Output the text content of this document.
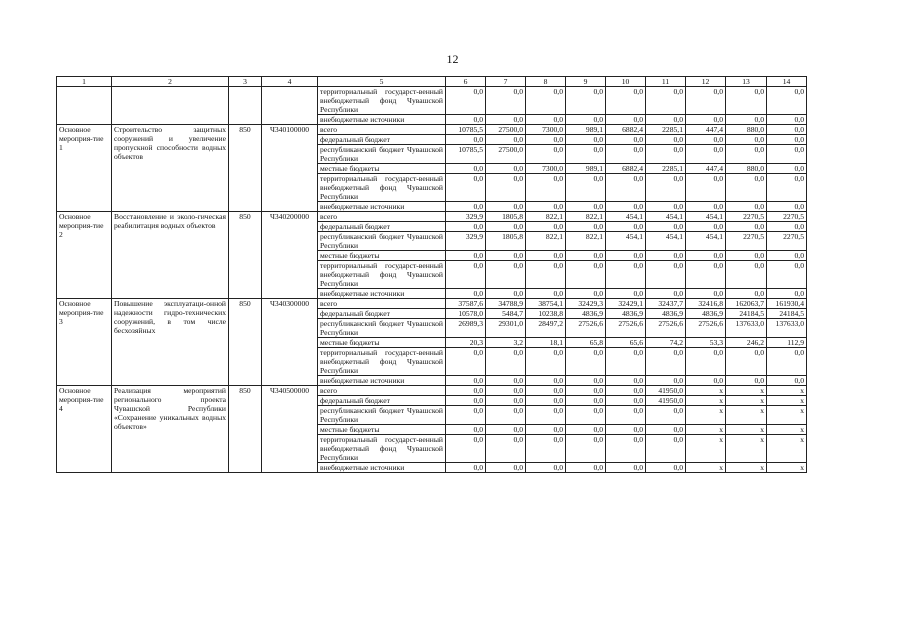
12
1	2	3	4	5	6	7	8	9	10	11	12	13	14
				территориальный государст-венный внебюджетный фонд Чувашской Республики	0,0	0,0	0,0	0,0	0,0	0,0	0,0	0,0	0,0
				внебюджетные источники	0,0	0,0	0,0	0,0	0,0	0,0	0,0	0,0	0,0
Основное мероприя-тие 1	Строительство защитных сооружений и увеличение пропускной способности водных объектов	850	Ч340100000	всего	10785,5	27500,0	7300,0	989,1	6882,4	2285,1	447,4	880,0	0,0
				федеральный бюджет	0,0	0,0	0,0	0,0	0,0	0,0	0,0	0,0	0,0
				республиканский бюджет Чувашской Республики	10785,5	27500,0	0,0	0,0	0,0	0,0	0,0	0,0	0,0
				местные бюджеты	0,0	0,0	7300,0	989,1	6882,4	2285,1	447,4	880,0	0,0
				территориальный государст-венный внебюджетный фонд Чувашской Республики	0,0	0,0	0,0	0,0	0,0	0,0	0,0	0,0	0,0
				внебюджетные источники	0,0	0,0	0,0	0,0	0,0	0,0	0,0	0,0	0,0
Основное мероприя-тие 2	Восстановление и эколо-гическая реабилитация водных объектов	850	Ч340200000	всего	329,9	1805,8	822,1	822,1	454,1	454,1	454,1	2270,5	2270,5
				федеральный бюджет	0,0	0,0	0,0	0,0	0,0	0,0	0,0	0,0	0,0
				республиканский бюджет Чувашской Республики	329,9	1805,8	822,1	822,1	454,1	454,1	454,1	2270,5	2270,5
				местные бюджеты	0,0	0,0	0,0	0,0	0,0	0,0	0,0	0,0	0,0
				территориальный государст-венный внебюджетный фонд Чувашской Республики	0,0	0,0	0,0	0,0	0,0	0,0	0,0	0,0	0,0
				внебюджетные источники	0,0	0,0	0,0	0,0	0,0	0,0	0,0	0,0	0,0
Основное мероприя-тие 3	Повышение эксплуатаци-онной надежности гидро-технических сооружений, в том числе бесхозяйных	850	Ч340300000	всего	37587,6	34788,9	38754,1	32429,3	32429,1	32437,7	32416,8	162063,7	161930,4
				федеральный бюджет	10578,0	5484,7	10238,8	4836,9	4836,9	4836,9	4836,9	24184,5	24184,5
				республиканский бюджет Чувашской Республики	26989,3	29301,0	28497,2	27526,6	27526,6	27526,6	27526,6	137633,0	137633,0
				местные бюджеты	20,3	3,2	18,1	65,8	65,6	74,2	53,3	246,2	112,9
				территориальный государст-венный внебюджетный фонд Чувашской Республики	0,0	0,0	0,0	0,0	0,0	0,0	0,0	0,0	0,0
				внебюджетные источники	0,0	0,0	0,0	0,0	0,0	0,0	0,0	0,0	0,0
Основное мероприя-тие 4	Реализация мероприятий регионального проекта Чувашской Республики «Сохранение уникальных водных объектов»	850	Ч340500000	всего	0,0	0,0	0,0	0,0	0,0	41950,0	x	x	x
				федеральный бюджет	0,0	0,0	0,0	0,0	0,0	41950,0	x	x	x
				республиканский бюджет Чувашской Республики	0,0	0,0	0,0	0,0	0,0	0,0	x	x	x
				местные бюджеты	0,0	0,0	0,0	0,0	0,0	0,0	x	x	x
				территориальный государст-венный внебюджетный фонд Чувашской Республики	0,0	0,0	0,0	0,0	0,0	0,0	x	x	x
				внебюджетные источники	0,0	0,0	0,0	0,0	0,0	0,0	x	x	x
